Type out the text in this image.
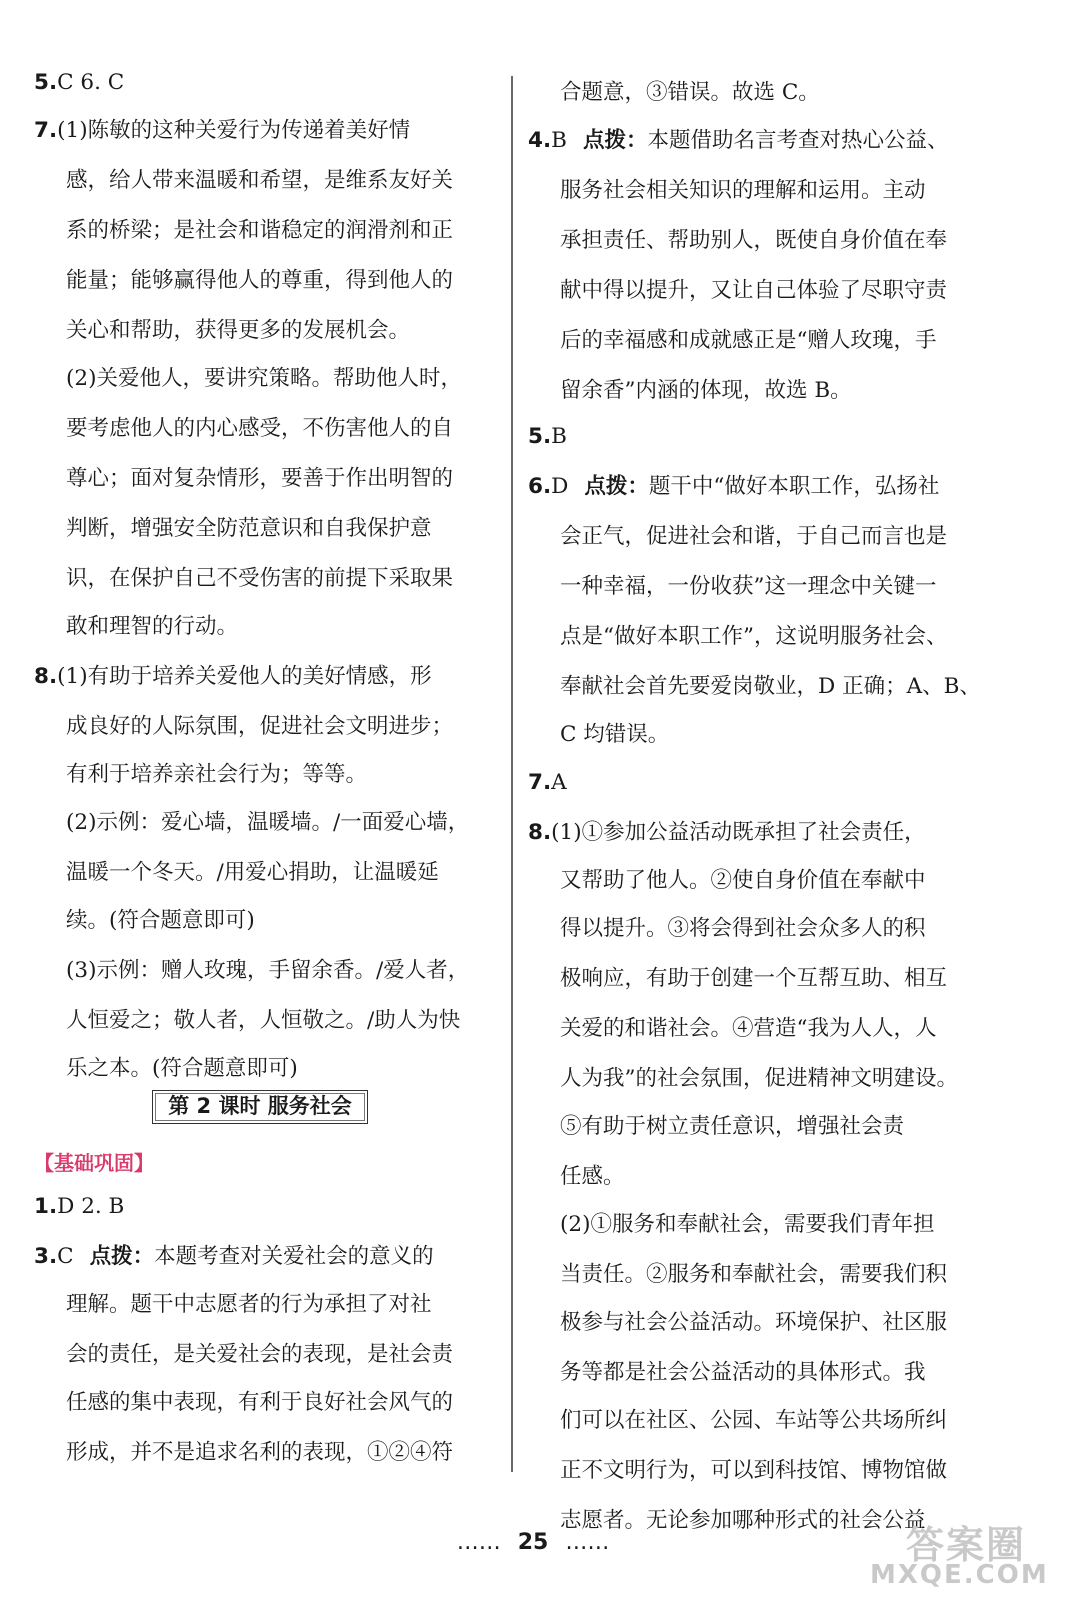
5.C 6. C
7.(1)陈敏的这种关爱行为传递着美好情
感，给人带来温暖和希望，是维系友好关
系的桥梁；是社会和谐稳定的润滑剂和正
能量；能够赢得他人的尊重，得到他人的
关心和帮助，获得更多的发展机会。
(2)关爱他人，要讲究策略。帮助他人时，
要考虑他人的内心感受，不伤害他人的自
尊心；面对复杂情形，要善于作出明智的
判断，增强安全防范意识和自我保护意
识，在保护自己不受伤害的前提下采取果
敢和理智的行动。
8.(1)有助于培养关爱他人的美好情感，形
成良好的人际氛围，促进社会文明进步；
有利于培养亲社会行为；等等。
(2)示例：爱心墙，温暖墙。/一面爱心墙，
温暖一个冬天。/用爱心捐助，让温暖延
续。(符合题意即可)
(3)示例：赠人玫瑰，手留余香。/爱人者，
人恒爱之；敬人者，人恒敬之。/助人为快
乐之本。(符合题意即可)
1.D 2. B
3.C 点拨：本题考查对关爱社会的意义的
理解。题干中志愿者的行为承担了对社
会的责任，是关爱社会的表现，是社会责
任感的集中表现，有利于良好社会风气的
形成，并不是追求名利的表现，①②④符
合题意，③错误。故选 C。
4.B 点拨：本题借助名言考查对热心公益、
服务社会相关知识的理解和运用。主动
承担责任、帮助别人，既使自身价值在奉
献中得以提升，又让自己体验了尽职守责
后的幸福感和成就感正是“赠人玫瑰，手
留余香”内涵的体现，故选 B。
5.B
6.D 点拨：题干中“做好本职工作，弘扬社
会正气，促进社会和谐，于自己而言也是
一种幸福，一份收获”这一理念中关键一
点是“做好本职工作”，这说明服务社会、
奉献社会首先要爱岗敬业，D 正确；A、B、
C 均错误。
7.A
8.(1)①参加公益活动既承担了社会责任，
又帮助了他人。②使自身价值在奉献中
得以提升。③将会得到社会众多人的积
极响应，有助于创建一个互帮互助、相互
关爱的和谐社会。④营造“我为人人，人
人为我”的社会氛围，促进精神文明建设。
⑤有助于树立责任意识，增强社会责
任感。
(2)①服务和奉献社会，需要我们青年担
当责任。②服务和奉献社会，需要我们积
极参与社会公益活动。环境保护、社区服
务等都是社会公益活动的具体形式。我
们可以在社区、公园、车站等公共场所纠
正不文明行为，可以到科技馆、博物馆做
志愿者。无论参加哪种形式的社会公益
第 2 课时 服务社会
【基础巩固】
…… 25 ……	答案圈
MXQE.COM
